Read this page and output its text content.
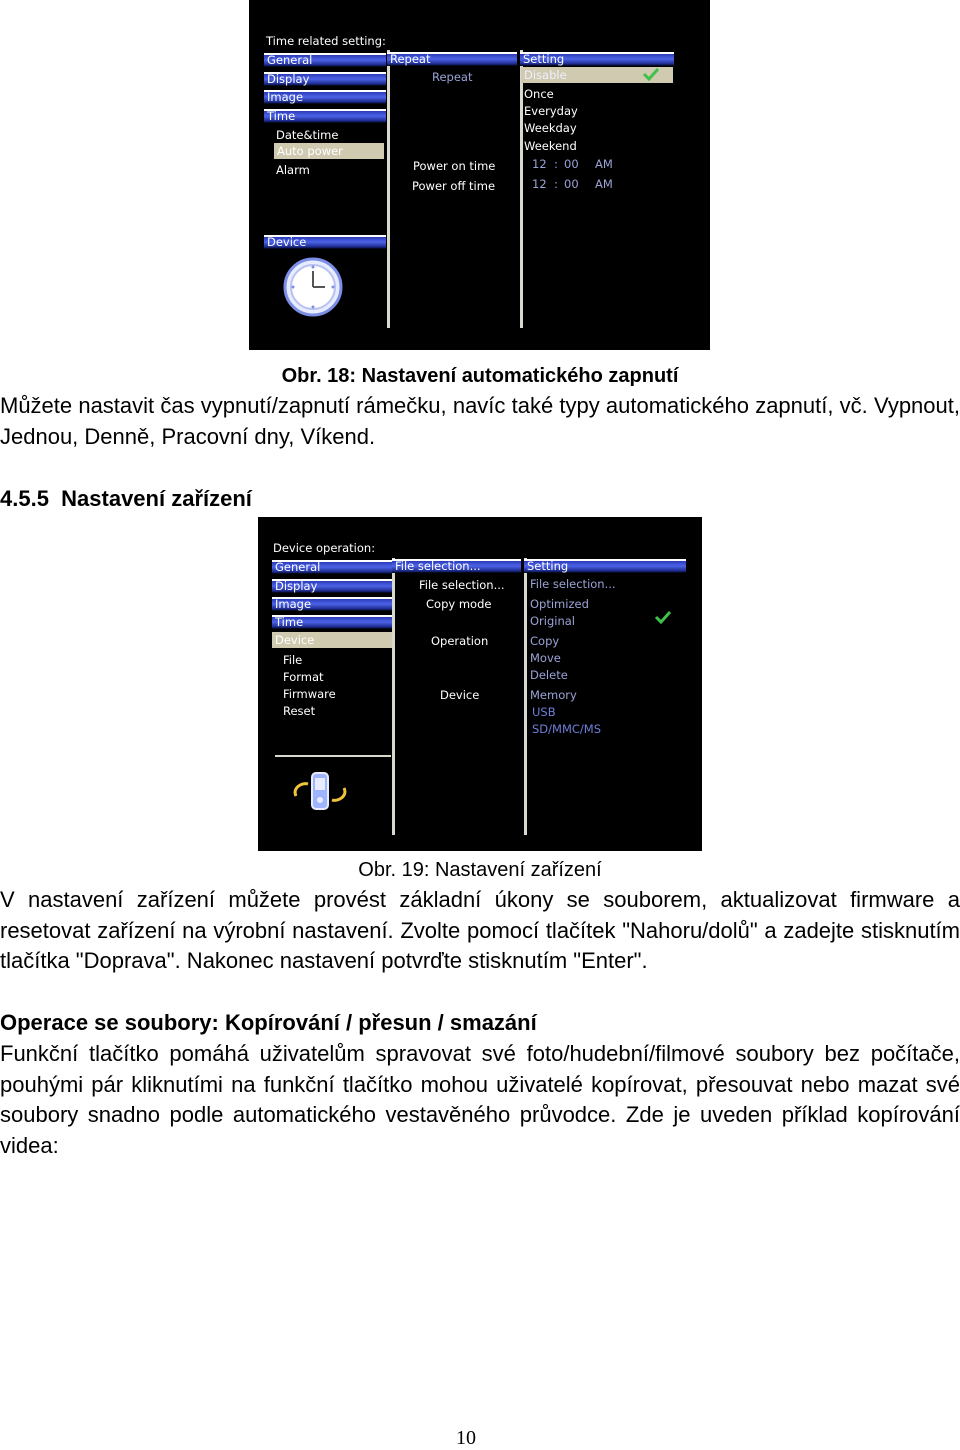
Time related setting:
General
Display
Image
Time
Date&time
Auto power
Alarm
Device
Repeat
Repeat
Power on time
Power off time
Setting
Disable
Once
Everyday
Weekday
Weekend
12 : 00 AM
12 : 00 AM
Obr. 18: Nastavení automatického zapnutí
Můžete nastavit čas vypnutí/zapnutí rámečku, navíc také typy automatického zapnutí, vč. Vypnout, Jednou, Denně, Pracovní dny, Víkend.
4.5.5  Nastavení zařízení
Device operation:
General
Display
Image
Time
Device
File
Format
Firmware
Reset
File selection...
File selection...
Copy mode
Operation
Device
Setting
File selection...
Optimized
Original
Copy
Move
Delete
Memory
USB
SD/MMC/MS
Obr. 19: Nastavení zařízení
V nastavení zařízení můžete provést základní úkony se souborem, aktualizovat firmware a resetovat zařízení na výrobní nastavení. Zvolte pomocí tlačítek "Nahoru/dolů" a zadejte stisknutím tlačítka "Doprava". Nakonec nastavení potvrďte stisknutím "Enter".
Operace se soubory: Kopírování / přesun / smazání
Funkční tlačítko pomáhá uživatelům spravovat své foto/hudební/filmové soubory bez počítače, pouhými pár kliknutími na funkční tlačítko mohou uživatelé kopírovat, přesouvat nebo mazat své soubory snadno podle automatického vestavěného průvodce. Zde je uveden příklad kopírování videa:
10
